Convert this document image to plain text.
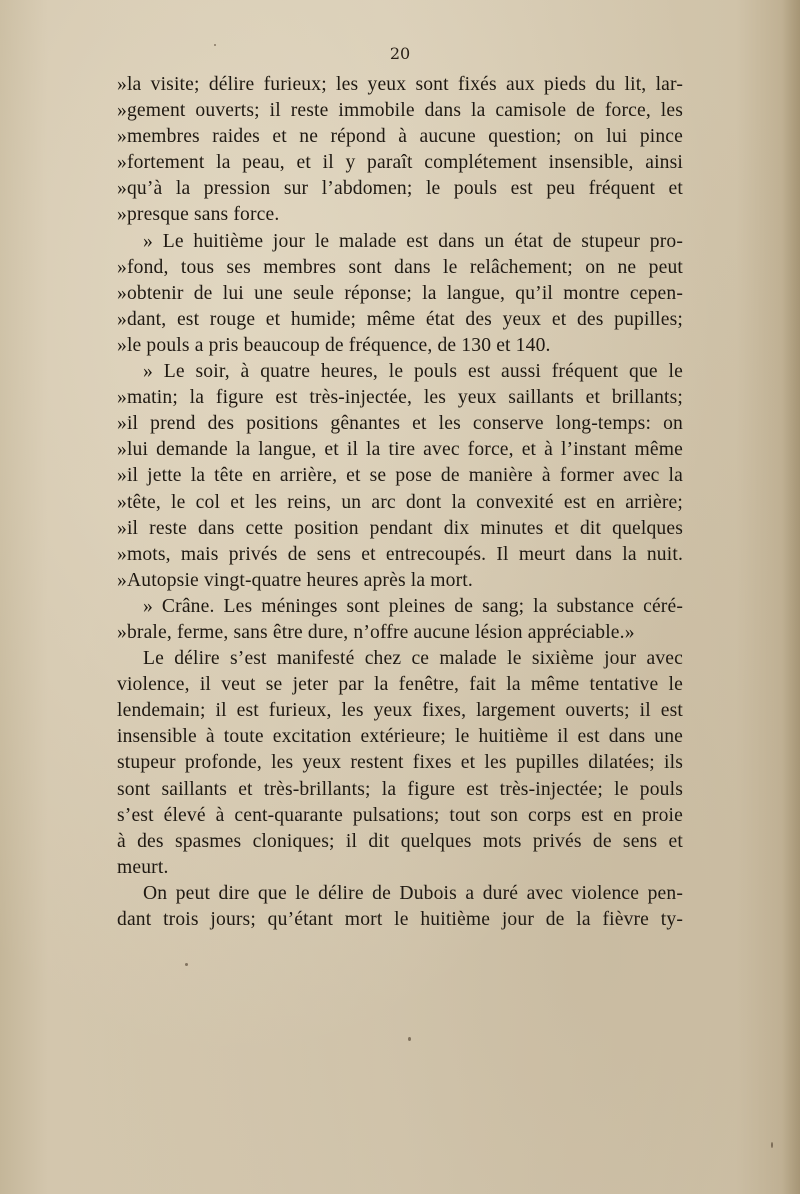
20
»la visite; délire furieux; les yeux sont fixés aux pieds du lit, lar-
»gement ouverts; il reste immobile dans la camisole de force, les
»membres raides et ne répond à aucune question; on lui pince
»fortement la peau, et il y paraît complétement insensible, ainsi
»qu’à la pression sur l’abdomen; le pouls est peu fréquent et
»presque sans force.
» Le huitième jour le malade est dans un état de stupeur pro-
»fond, tous ses membres sont dans le relâchement; on ne peut
»obtenir de lui une seule réponse; la langue, qu’il montre cepen-
»dant, est rouge et humide; même état des yeux et des pupilles;
»le pouls a pris beaucoup de fréquence, de 130 et 140.
» Le soir, à quatre heures, le pouls est aussi fréquent que le
»matin; la figure est très-injectée, les yeux saillants et brillants;
»il prend des positions gênantes et les conserve long-temps: on
»lui demande la langue, et il la tire avec force, et à l’instant même
»il jette la tête en arrière, et se pose de manière à former avec la
»tête, le col et les reins, un arc dont la convexité est en arrière;
»il reste dans cette position pendant dix minutes et dit quelques
»mots, mais privés de sens et entrecoupés. Il meurt dans la nuit.
»Autopsie vingt-quatre heures après la mort.
» Crâne. Les méninges sont pleines de sang; la substance céré-
»brale, ferme, sans être dure, n’offre aucune lésion appréciable.»
Le délire s’est manifesté chez ce malade le sixième jour avec
violence, il veut se jeter par la fenêtre, fait la même tentative le
lendemain; il est furieux, les yeux fixes, largement ouverts; il est
insensible à toute excitation extérieure; le huitième il est dans une
stupeur profonde, les yeux restent fixes et les pupilles dilatées; ils
sont saillants et très-brillants; la figure est très-injectée; le pouls
s’est élevé à cent-quarante pulsations; tout son corps est en proie
à des spasmes cloniques; il dit quelques mots privés de sens et
meurt.
On peut dire que le délire de Dubois a duré avec violence pen-
dant trois jours; qu’étant mort le huitième jour de la fièvre ty-
